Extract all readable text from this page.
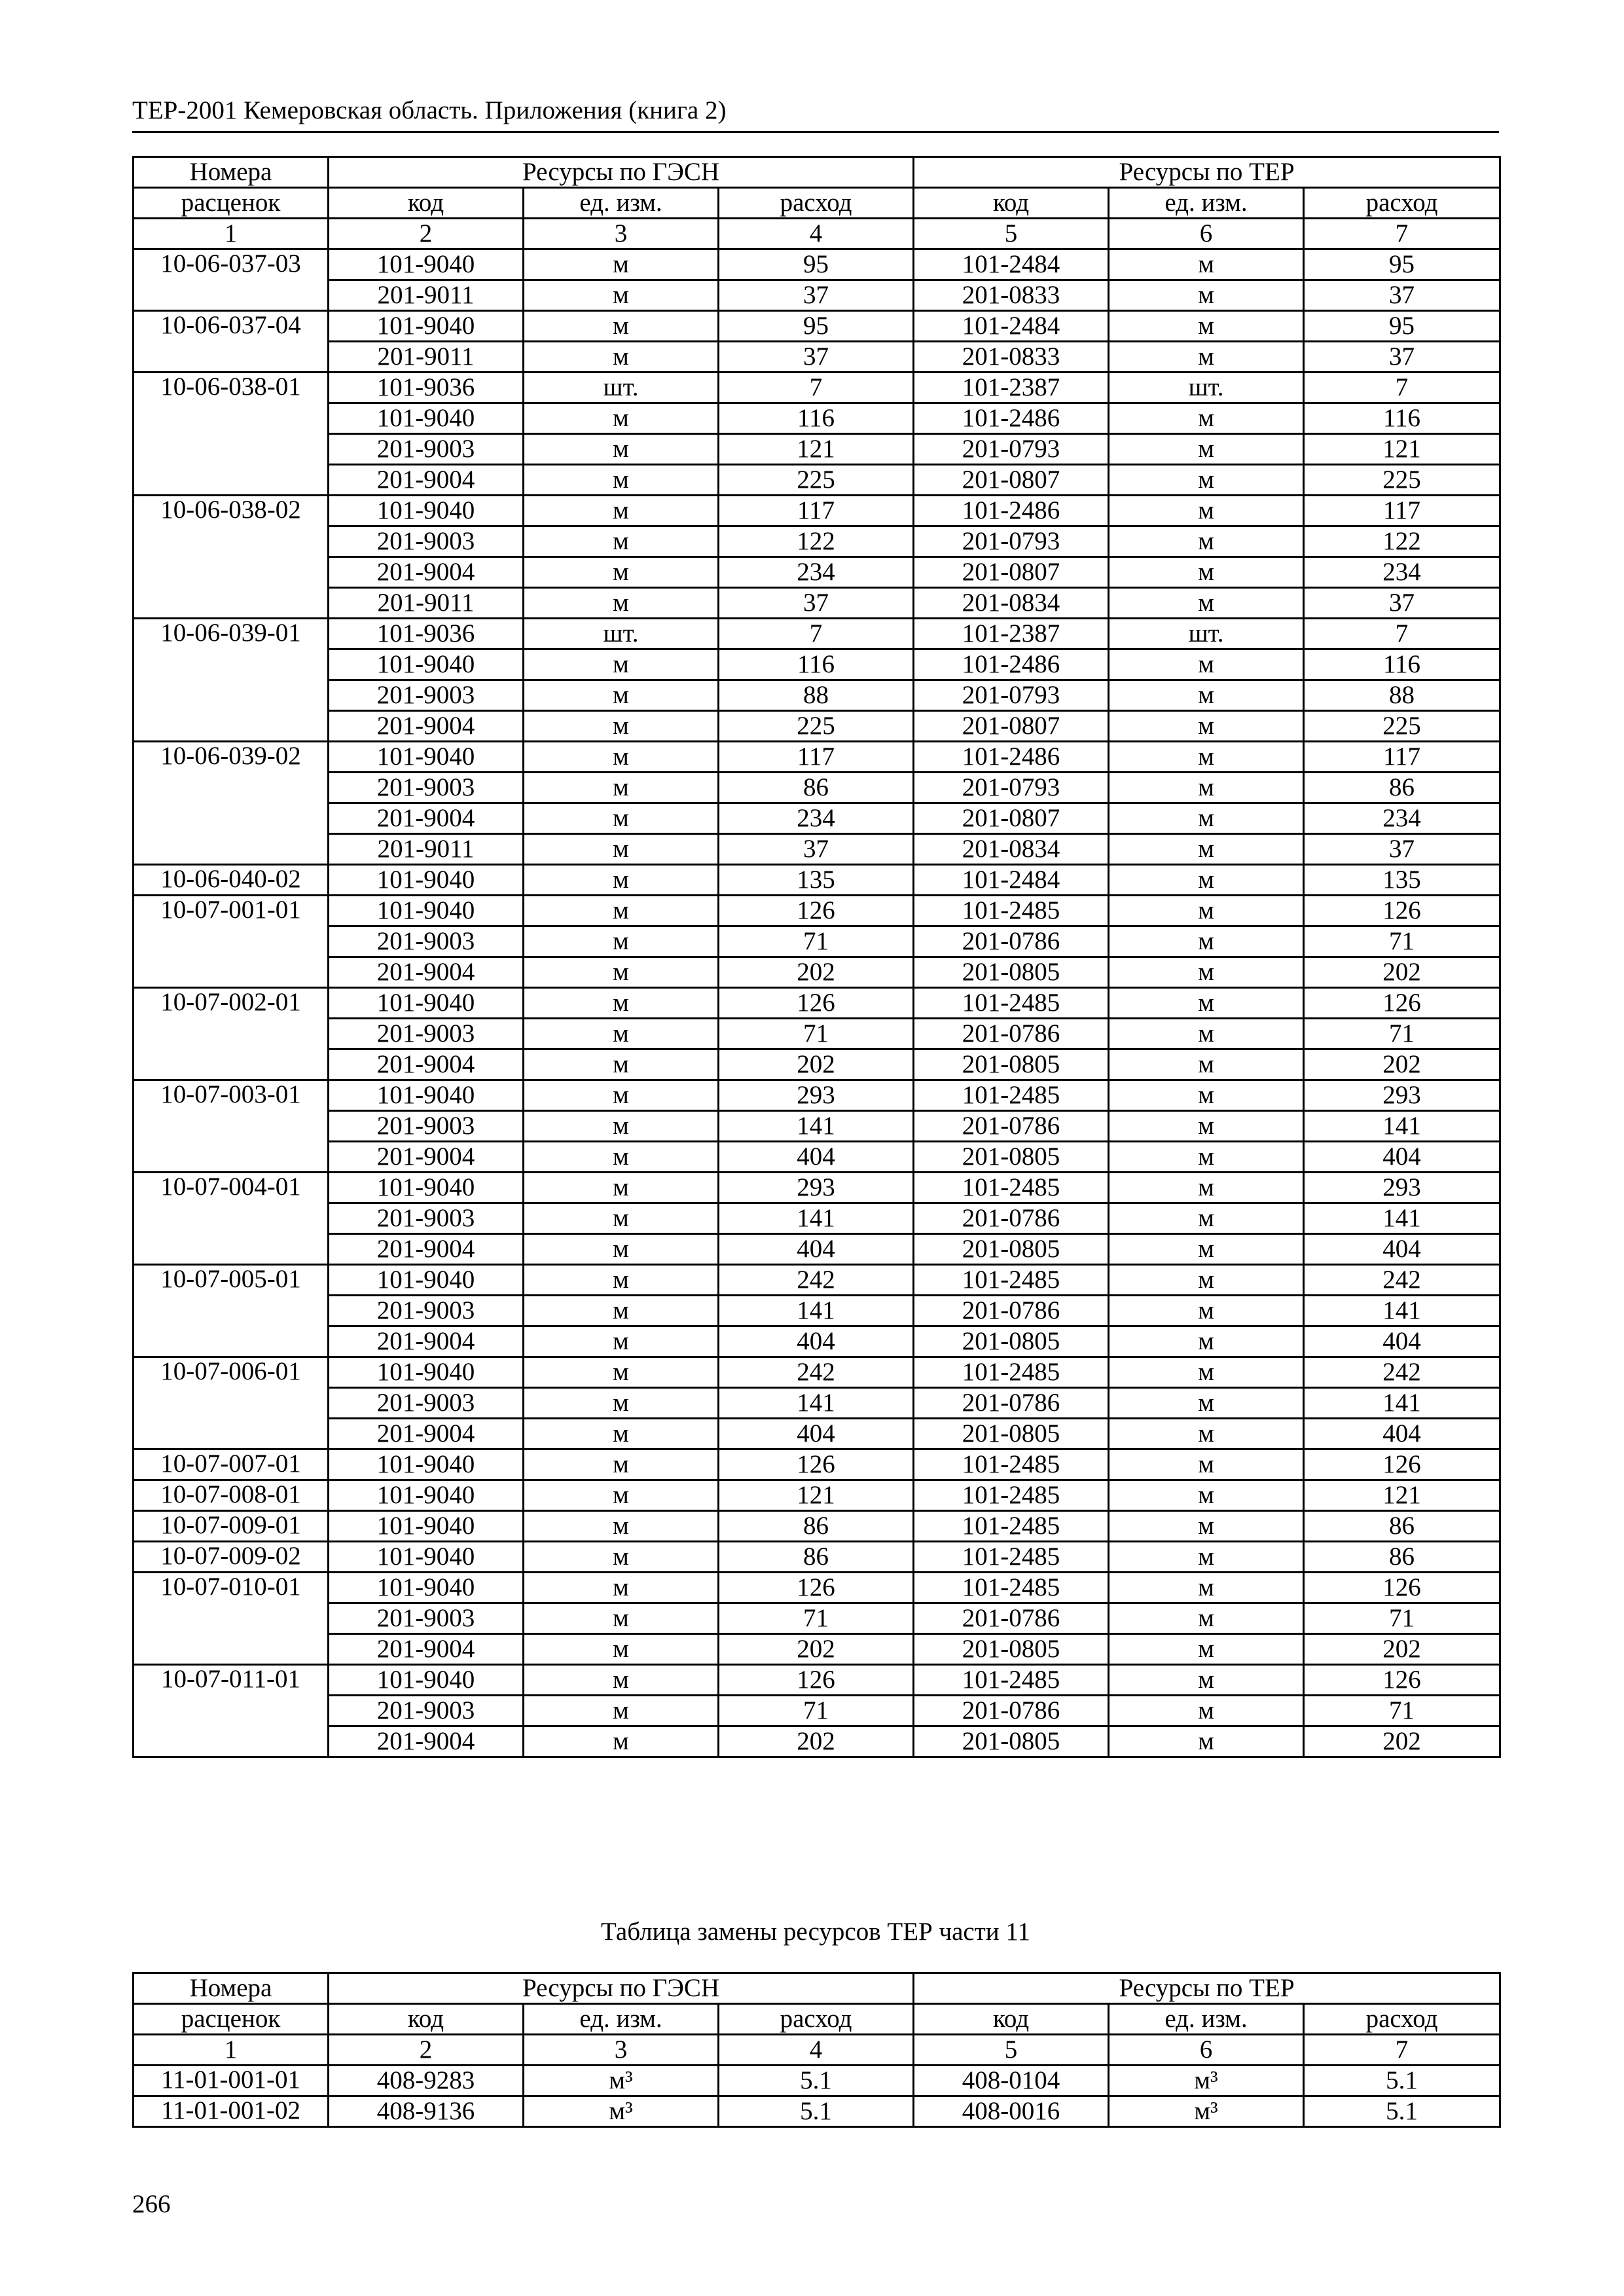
ТЕР-2001 Кемеровская область. Приложения (книга 2)
Номера	Ресурсы по ГЭСН			Ресурсы по ТЕР		
расценок	код	ед. изм.	расход	код	ед. изм.	расход
1	2	3	4	5	6	7
10-06-037-03	101-9040	м	95	101-2484	м	95
	201-9011	м	37	201-0833	м	37
10-06-037-04	101-9040	м	95	101-2484	м	95
	201-9011	м	37	201-0833	м	37
10-06-038-01	101-9036	шт.	7	101-2387	шт.	7
	101-9040	м	116	101-2486	м	116
	201-9003	м	121	201-0793	м	121
	201-9004	м	225	201-0807	м	225
10-06-038-02	101-9040	м	117	101-2486	м	117
	201-9003	м	122	201-0793	м	122
	201-9004	м	234	201-0807	м	234
	201-9011	м	37	201-0834	м	37
10-06-039-01	101-9036	шт.	7	101-2387	шт.	7
	101-9040	м	116	101-2486	м	116
	201-9003	м	88	201-0793	м	88
	201-9004	м	225	201-0807	м	225
10-06-039-02	101-9040	м	117	101-2486	м	117
	201-9003	м	86	201-0793	м	86
	201-9004	м	234	201-0807	м	234
	201-9011	м	37	201-0834	м	37
10-06-040-02	101-9040	м	135	101-2484	м	135
10-07-001-01	101-9040	м	126	101-2485	м	126
	201-9003	м	71	201-0786	м	71
	201-9004	м	202	201-0805	м	202
10-07-002-01	101-9040	м	126	101-2485	м	126
	201-9003	м	71	201-0786	м	71
	201-9004	м	202	201-0805	м	202
10-07-003-01	101-9040	м	293	101-2485	м	293
	201-9003	м	141	201-0786	м	141
	201-9004	м	404	201-0805	м	404
10-07-004-01	101-9040	м	293	101-2485	м	293
	201-9003	м	141	201-0786	м	141
	201-9004	м	404	201-0805	м	404
10-07-005-01	101-9040	м	242	101-2485	м	242
	201-9003	м	141	201-0786	м	141
	201-9004	м	404	201-0805	м	404
10-07-006-01	101-9040	м	242	101-2485	м	242
	201-9003	м	141	201-0786	м	141
	201-9004	м	404	201-0805	м	404
10-07-007-01	101-9040	м	126	101-2485	м	126
10-07-008-01	101-9040	м	121	101-2485	м	121
10-07-009-01	101-9040	м	86	101-2485	м	86
10-07-009-02	101-9040	м	86	101-2485	м	86
10-07-010-01	101-9040	м	126	101-2485	м	126
	201-9003	м	71	201-0786	м	71
	201-9004	м	202	201-0805	м	202
10-07-011-01	101-9040	м	126	101-2485	м	126
	201-9003	м	71	201-0786	м	71
	201-9004	м	202	201-0805	м	202
Таблица замены ресурсов ТЕР части 11
Номера	Ресурсы по ГЭСН			Ресурсы по ТЕР		
расценок	код	ед. изм.	расход	код	ед. изм.	расход
1	2	3	4	5	6	7
11-01-001-01	408-9283	м³	5.1	408-0104	м³	5.1
11-01-001-02	408-9136	м³	5.1	408-0016	м³	5.1
266
